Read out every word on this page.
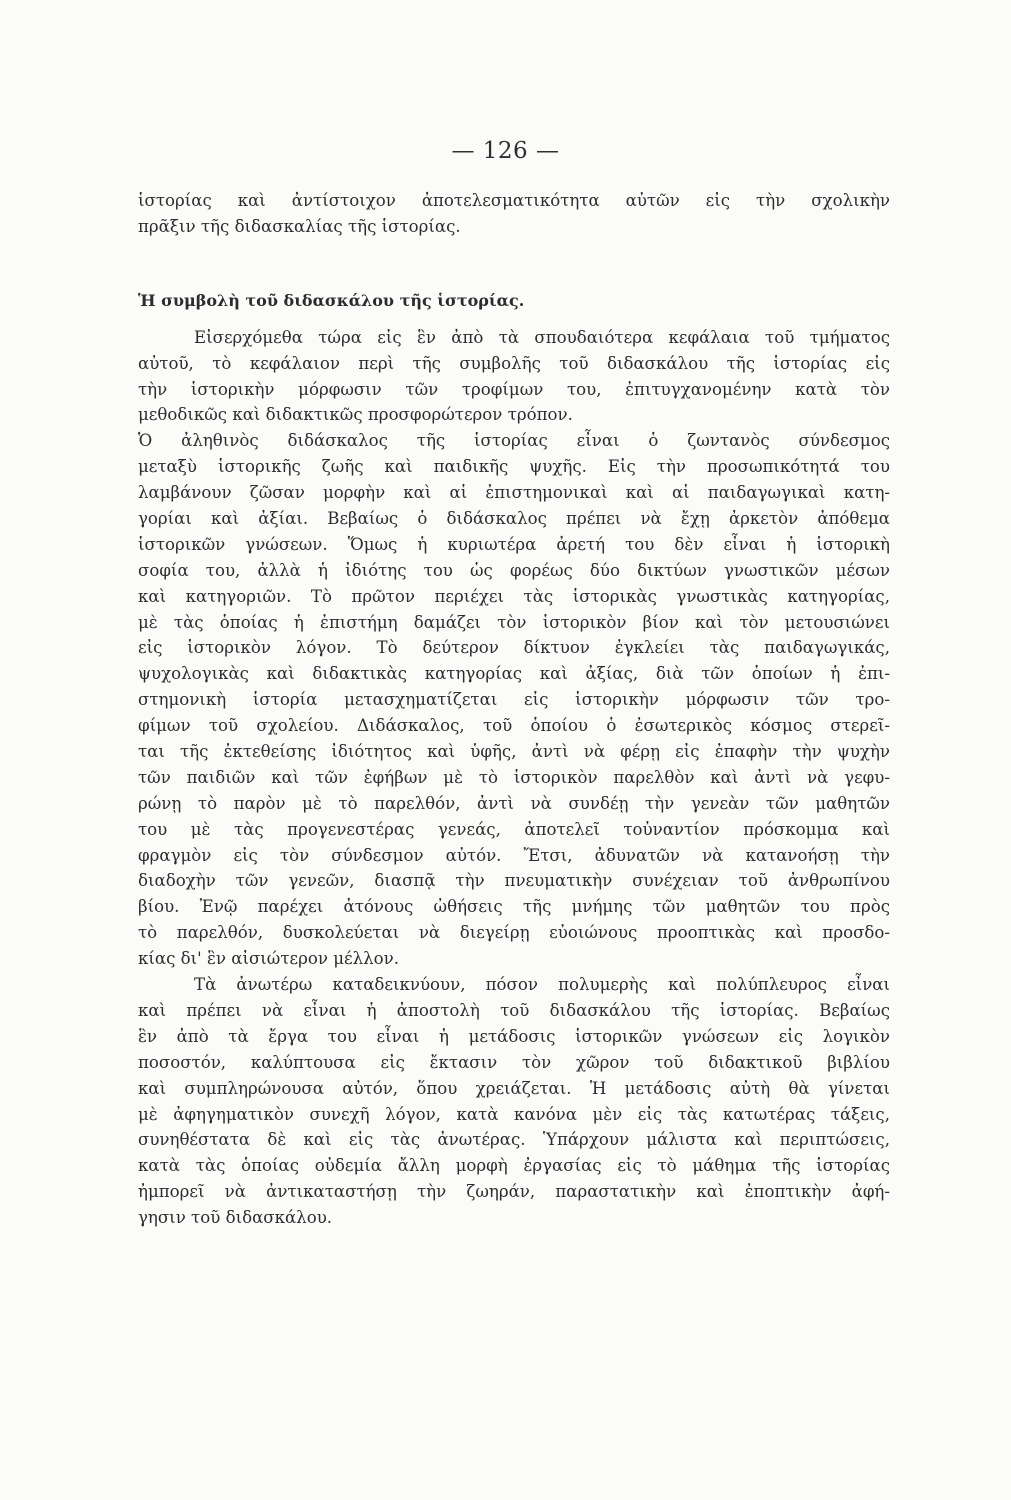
— 126 —
ἱστορίας καὶ ἀντίστοιχον ἀποτελεσματικότητα αὐτῶν εἰς τὴν σχολικὴν
πρᾶξιν τῆς διδασκαλίας τῆς ἱστορίας.
Ἡ συμβολὴ τοῦ διδασκάλου τῆς ἱστορίας.
Εἰσερχόμεθα τώρα εἰς ἓν ἀπὸ τὰ σπουδαιότερα κεφάλαια τοῦ τμήματος
αὐτοῦ, τὸ κεφάλαιον περὶ τῆς συμβολῆς τοῦ διδασκάλου τῆς ἱστορίας εἰς
τὴν ἱστορικὴν μόρφωσιν τῶν τροφίμων του, ἐπιτυγχανομένην κατὰ τὸν
μεθοδικῶς καὶ διδακτικῶς προσφορώτερον τρόπον.
Ὁ ἀληθινὸς διδάσκαλος τῆς ἱστορίας εἶναι ὁ ζωντανὸς σύνδεσμος
μεταξὺ ἱστορικῆς ζωῆς καὶ παιδικῆς ψυχῆς. Εἰς τὴν προσωπικότητά του
λαμβάνουν ζῶσαν μορφὴν καὶ αἱ ἐπιστημονικαὶ καὶ αἱ παιδαγωγικαὶ κατη-
γορίαι καὶ ἀξίαι. Βεβαίως ὁ διδάσκαλος πρέπει νὰ ἔχῃ ἀρκετὸν ἀπόθεμα
ἱστορικῶν γνώσεων. Ὅμως ἡ κυριωτέρα ἀρετή του δὲν εἶναι ἡ ἱστορικὴ
σοφία του, ἀλλὰ ἡ ἰδιότης του ὡς φορέως δύο δικτύων γνωστικῶν μέσων
καὶ κατηγοριῶν. Τὸ πρῶτον περιέχει τὰς ἱστορικὰς γνωστικὰς κατηγορίας,
μὲ τὰς ὁποίας ἡ ἐπιστήμη δαμάζει τὸν ἱστορικὸν βίον καὶ τὸν μετουσιώνει
εἰς ἱστορικὸν λόγον. Τὸ δεύτερον δίκτυον ἐγκλείει τὰς παιδαγωγικάς,
ψυχολογικὰς καὶ διδακτικὰς κατηγορίας καὶ ἀξίας, διὰ τῶν ὁποίων ἡ ἐπι-
στημονικὴ ἱστορία μετασχηματίζεται εἰς ἱστορικὴν μόρφωσιν τῶν τρο-
φίμων τοῦ σχολείου. Διδάσκαλος, τοῦ ὁποίου ὁ ἐσωτερικὸς κόσμος στερεῖ-
ται τῆς ἐκτεθείσης ἰδιότητος καὶ ὑφῆς, ἀντὶ νὰ φέρῃ εἰς ἐπαφὴν τὴν ψυχὴν
τῶν παιδιῶν καὶ τῶν ἐφήβων μὲ τὸ ἱστορικὸν παρελθὸν καὶ ἀντὶ νὰ γεφυ-
ρώνῃ τὸ παρὸν μὲ τὸ παρελθόν, ἀντὶ νὰ συνδέῃ τὴν γενεὰν τῶν μαθητῶν
του μὲ τὰς προγενεστέρας γενεάς, ἀποτελεῖ τοὐναντίον πρόσκομμα καὶ
φραγμὸν εἰς τὸν σύνδεσμον αὐτόν. Ἔτσι, ἀδυνατῶν νὰ κατανοήσῃ τὴν
διαδοχὴν τῶν γενεῶν, διασπᾷ τὴν πνευματικὴν συνέχειαν τοῦ ἀνθρωπίνου
βίου. Ἐνῷ παρέχει ἀτόνους ὠθήσεις τῆς μνήμης τῶν μαθητῶν του πρὸς
τὸ παρελθόν, δυσκολεύεται νὰ διεγείρῃ εὐοιώνους προοπτικὰς καὶ προσδο-
κίας δι' ἓν αἰσιώτερον μέλλον.
Τὰ ἀνωτέρω καταδεικνύουν, πόσον πολυμερὴς καὶ πολύπλευρος εἶναι
καὶ πρέπει νὰ εἶναι ἡ ἀποστολὴ τοῦ διδασκάλου τῆς ἱστορίας. Βεβαίως
ἓν ἀπὸ τὰ ἔργα του εἶναι ἡ μετάδοσις ἱστορικῶν γνώσεων εἰς λογικὸν
ποσοστόν, καλύπτουσα εἰς ἔκτασιν τὸν χῶρον τοῦ διδακτικοῦ βιβλίου
καὶ συμπληρώνουσα αὐτόν, ὅπου χρειάζεται. Ἡ μετάδοσις αὐτὴ θὰ γίνεται
μὲ ἀφηγηματικὸν συνεχῆ λόγον, κατὰ κανόνα μὲν εἰς τὰς κατωτέρας τάξεις,
συνηθέστατα δὲ καὶ εἰς τὰς ἀνωτέρας. Ὑπάρχουν μάλιστα καὶ περιπτώσεις,
κατὰ τὰς ὁποίας οὐδεμία ἄλλη μορφὴ ἐργασίας εἰς τὸ μάθημα τῆς ἱστορίας
ἠμπορεῖ νὰ ἀντικαταστήσῃ τὴν ζωηράν, παραστατικὴν καὶ ἐποπτικὴν ἀφή-
γησιν τοῦ διδασκάλου.
